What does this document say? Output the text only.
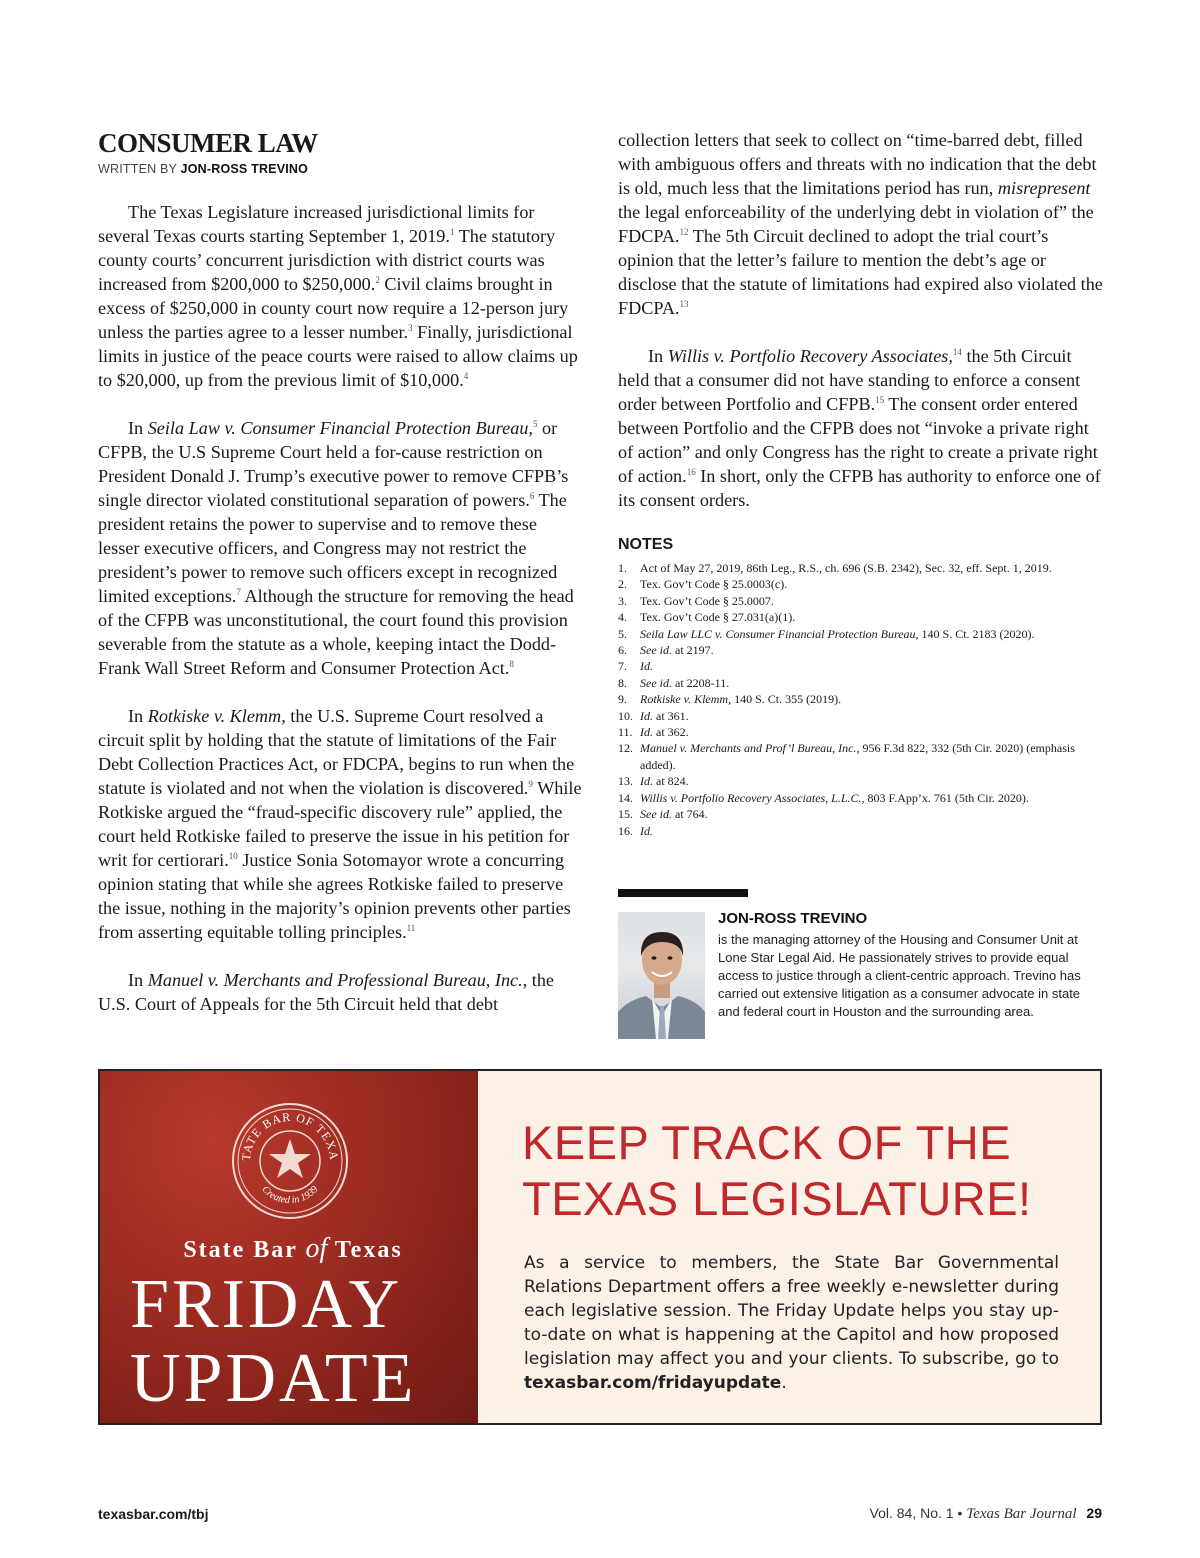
CONSUMER LAW
WRITTEN BY JON-ROSS TREVINO

The Texas Legislature increased jurisdictional limits for several Texas courts starting September 1, 2019.$^1$ The statutory county courts’ concurrent jurisdiction with district courts was increased from $200,000 to $250,000.$^2$ Civil claims brought in excess of $250,000 in county court now require a 12-person jury unless the parties agree to a lesser number.$^3$ Finally, jurisdictional limits in justice of the peace courts were raised to allow claims up to $20,000, up from the previous limit of $10,000.$^4$

In Seila Law v. Consumer Financial Protection Bureau,$^5$ or CFPB, the U.S Supreme Court held a for-cause restriction on President Donald J. Trump’s executive power to remove CFPB’s single director violated constitutional separation of powers.$^6$ The president retains the power to supervise and to remove these lesser executive officers, and Congress may not restrict the president’s power to remove such officers except in recognized limited exceptions.$^7$ Although the structure for removing the head of the CFPB was unconstitutional, the court found this provision severable from the statute as a whole, keeping intact the Dodd-Frank Wall Street Reform and Consumer Protection Act.$^8$

In Rotkiske v. Klemm, the U.S. Supreme Court resolved a circuit split by holding that the statute of limitations of the Fair Debt Collection Practices Act, or FDCPA, begins to run when the statute is violated and not when the violation is discovered.$^9$ While Rotkiske argued the “fraud-specific discovery rule” applied, the court held Rotkiske failed to preserve the issue in his petition for writ for certiorari.$^{10}$ Justice Sonia Sotomayor wrote a concurring opinion stating that while she agrees Rotkiske failed to preserve the issue, nothing in the majority’s opinion prevents other parties from asserting equitable tolling principles.$^{11}$

In Manuel v. Merchants and Professional Bureau, Inc., the U.S. Court of Appeals for the 5th Circuit held that debt

collection letters that seek to collect on “time-barred debt, filled with ambiguous offers and threats with no indication that the debt is old, much less that the limitations period has run, misrepresent the legal enforceability of the underlying debt in violation of” the FDCPA.$^{12}$ The 5th Circuit declined to adopt the trial court’s opinion that the letter’s failure to mention the debt’s age or disclose that the statute of limitations had expired also violated the FDCPA.$^{13}$

In Willis v. Portfolio Recovery Associates,$^{14}$ the 5th Circuit held that a consumer did not have standing to enforce a consent order between Portfolio and CFPB.$^{15}$ The consent order entered between Portfolio and the CFPB does not “invoke a private right of action” and only Congress has the right to create a private right of action.$^{16}$ In short, only the CFPB has authority to enforce one of its consent orders.

NOTES
1.	Act of May 27, 2019, 86th Leg., R.S., ch. 696 (S.B. 2342), Sec. 32, eff. Sept. 1, 2019.
2.	Tex. Gov’t Code § 25.0003(c).
3.	Tex. Gov’t Code § 25.0007.
4.	Tex. Gov’t Code § 27.031(a)(1).
5.	Seila Law LLC v. Consumer Financial Protection Bureau, 140 S. Ct. 2183 (2020).
6.	See id. at 2197.
7.	Id.
8.	See id. at 2208-11.
9.	Rotkiske v. Klemm, 140 S. Ct. 355 (2019).
10. Id. at 361.
11. Id. at 362.
12. Manuel v. Merchants and Prof’l Bureau, Inc., 956 F.3d 822, 332 (5th Cir. 2020) (emphasis added).
13. Id. at 824.
14. Willis v. Portfolio Recovery Associates, L.L.C., 803 F.App’x. 761 (5th Cir. 2020).
15. See id. at 764.
16. Id.
JON-ROSS TREVINO
is the managing attorney of the Housing and Consumer Unit at Lone Star Legal Aid. He passionately strives to provide equal access to justice through a client-centric approach. Trevino has carried out extensive litigation as a consumer advocate in state and federal court in Houston and the surrounding area.
TATE BAR OF TEXA
Created in 1939
State Bar of Texas
FRIDAY
UPDATE
KEEP TRACK OF THE
TEXAS LEGISLATURE!
As a service to members, the State Bar Governmental Relations Department offers a free weekly e-newsletter during each legislative session. The Friday Update helps you stay up-to-date on what is happening at the Capitol and how proposed legislation may affect you and your clients. To subscribe, go to texasbar.com/fridayupdate.
texasbar.com/tbj	Vol. 84, No. 1 • Texas Bar Journal 29
